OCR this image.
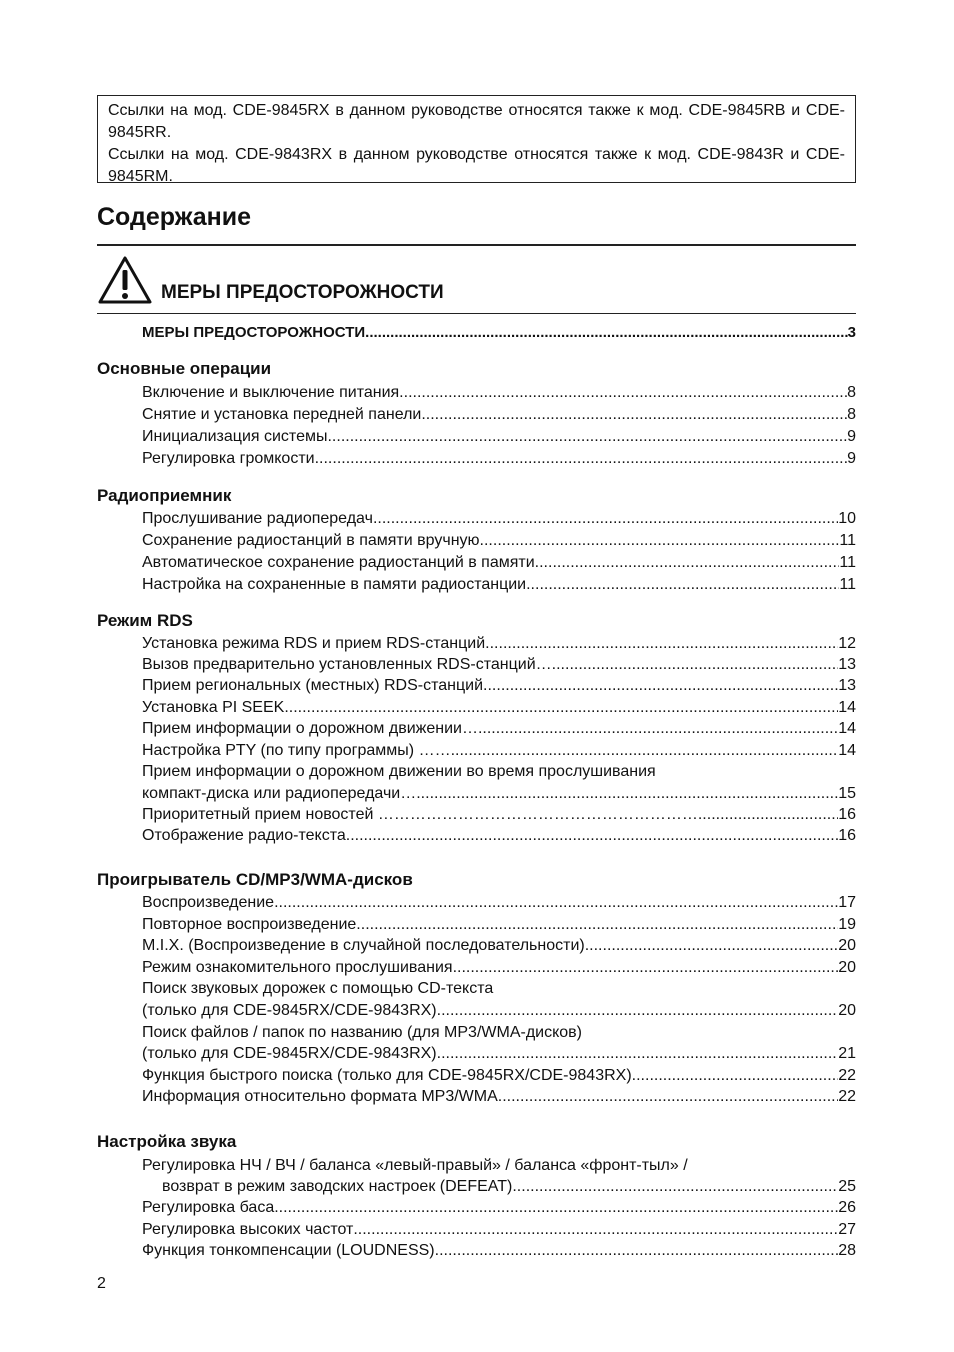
Ссылки на мод. CDE-9845RX в данном руководстве относятся также к мод. CDE-9845RB и CDE-9845RR.

Ссылки на мод. CDE-9843RX в данном руководстве относятся также к мод. CDE-9843R и CDE-9845RM.

Содержание
МЕРЫ ПРЕДОСТОРОЖНОСТИ
МЕРЫ ПРЕДОСТОРОЖНОСТИ .....	3
Основные операции
Включение и выключение питания .....	8
Снятие и установка передней панели .....	8
Инициализация системы .....	9
Регулировка громкости .....	9
Радиоприемник
Прослушивание радиопередач .....	10
Сохранение радиостанций в памяти вручную .....	11
Автоматическое сохранение радиостанций в памяти .....	11
Настройка на сохраненные в памяти радиостанции .....	11
Режим RDS
Установка режима RDS и прием RDS-станций .....	12
Вызов предварительно установленных RDS-станций… .....	13
Прием региональных (местных) RDS-станций .....	13
Установка PI SEEK .....	14
Прием информации о дорожном движении… .....	14
Настройка PTY (по типу программы) …… .....	14
Прием информации о дорожном движении во время прослушивания
компакт-диска или радиопередачи… .....	15
Приоритетный прием новостей …………………………………………………… .....	16
Отображение радио-текста .....	16
Проигрыватель CD/MP3/WMA-дисков
Воспроизведение .....	17
Повторное воспроизведение .....	19
M.I.X. (Воспроизведение в случайной последовательности) .....	20
Режим ознакомительного прослушивания .....	20
Поиск звуковых дорожек с помощью CD-текста
(только для CDE-9845RX/CDE-9843RX) .....	20
Поиск файлов / папок по названию (для MP3/WMA-дисков)
(только для CDE-9845RX/CDE-9843RX) .....	21
Функция быстрого поиска (только для CDE-9845RX/CDE-9843RX) .....	22
Информация относительно формата MP3/WMA .....	22
Настройка звука
Регулировка НЧ / ВЧ / баланса «левый-правый» / баланса «фронт-тыл» /
возврат в режим заводских настроек (DEFEAT) .....	25
Регулировка баса .....	26
Регулировка высоких частот .....	27
Функция тонкомпенсации (LOUDNESS) .....	28
2
